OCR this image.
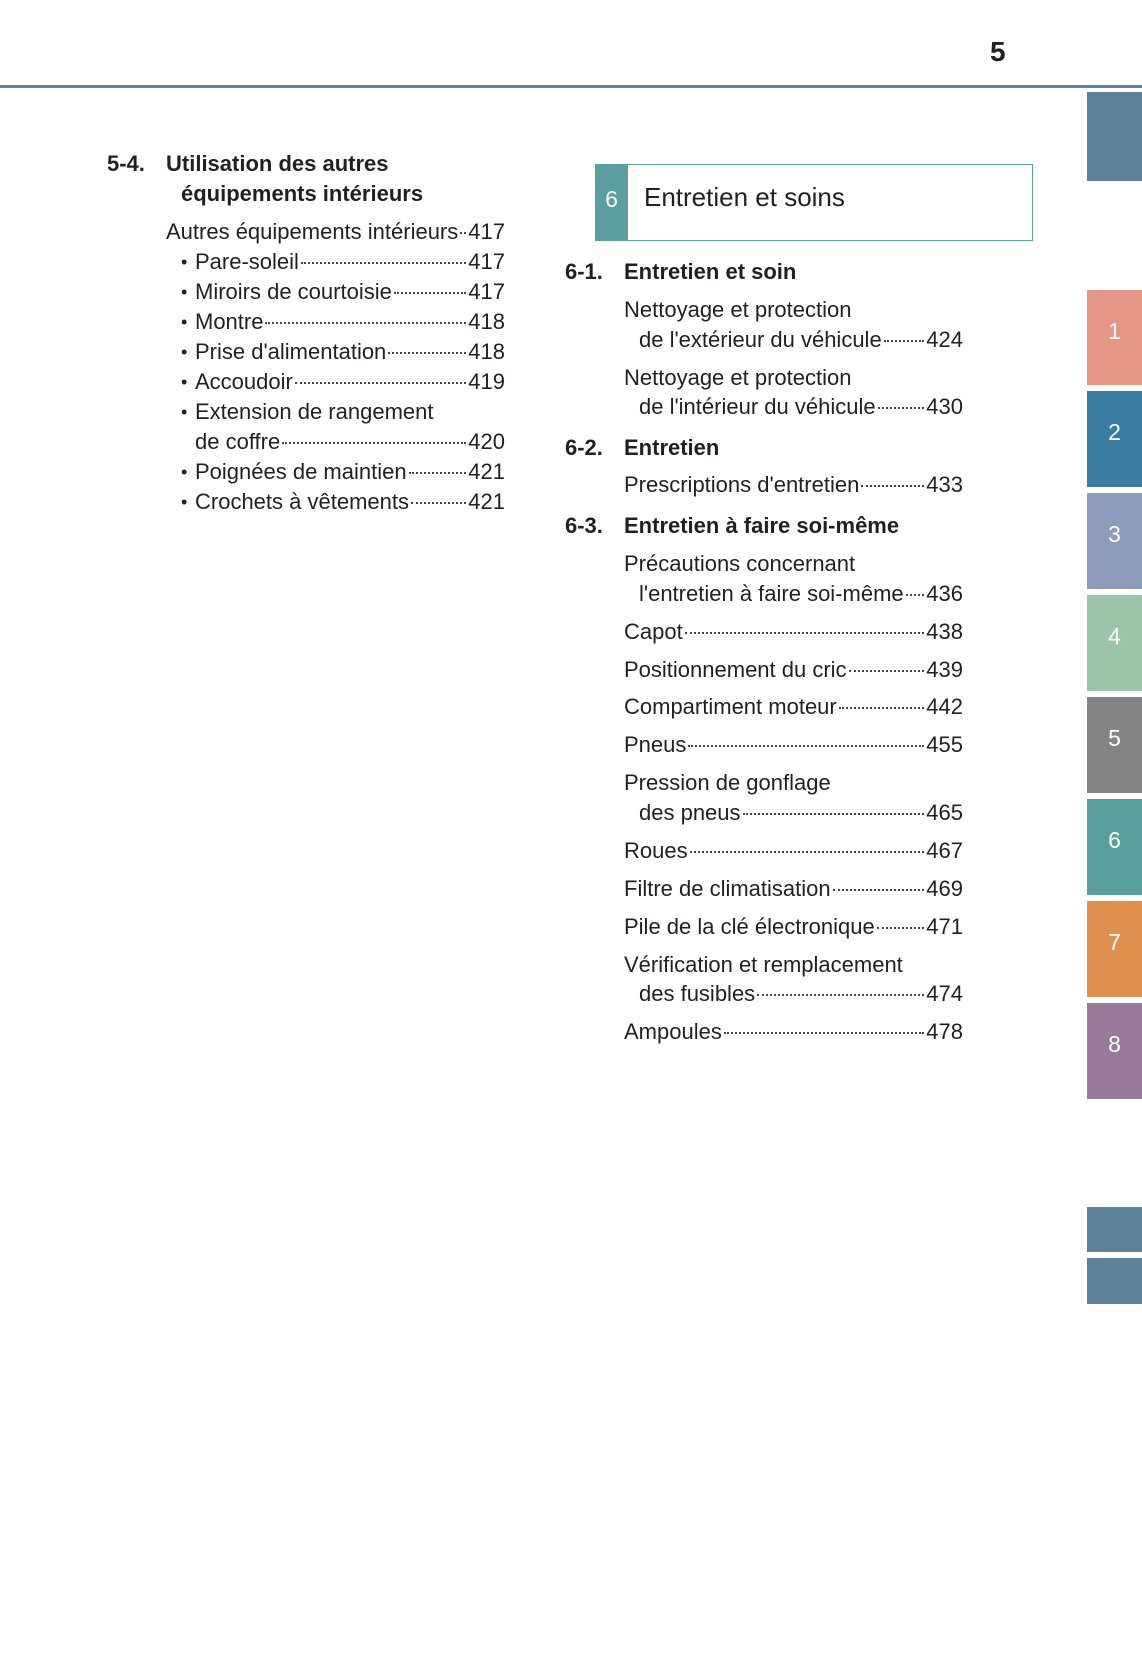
5
1
2
3
4
5
6
7
8
5-4. Utilisation des autres
équipements intérieurs
Autres équipements intérieurs 417
• Pare-soleil	417
• Miroirs de courtoisie	417
• Montre	418
• Prise d'alimentation	418
• Accoudoir	419
• Extension de rangement
de coffre	420
• Poignées de maintien	421
• Crochets à vêtements	421
6	Entretien et soins
6-1. Entretien et soin
Nettoyage et protection
de l'extérieur du véhicule 424
Nettoyage et protection
de l'intérieur du véhicule 430
6-2. Entretien
Prescriptions d'entretien	433
6-3. Entretien à faire soi-même
Précautions concernant
l'entretien à faire soi-même 436
Capot	438
Positionnement du cric	439
Compartiment moteur	442
Pneus	455
Pression de gonflage
des pneus	465
Roues	467
Filtre de climatisation	469
Pile de la clé électronique 471
Vérification et remplacement
des fusibles	474
Ampoules	478
